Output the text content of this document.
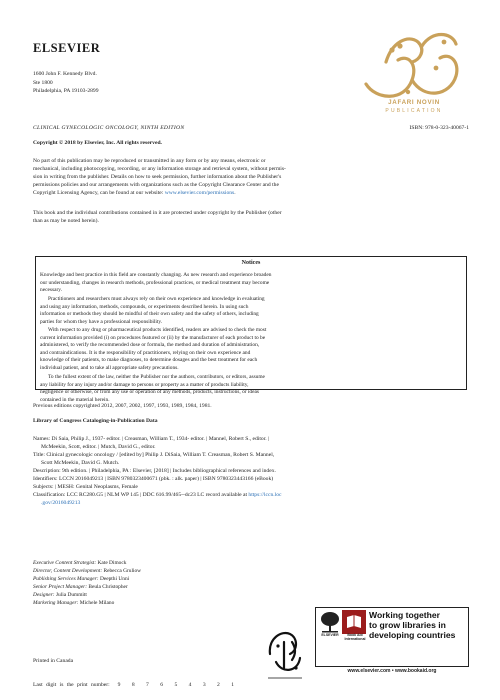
ELSEVIER
1600 John F. Kennedy Blvd.
Ste 1800
Philadelphia, PA 19103-2899
JAFARI NOVIN
PUBLICATION
CLINICAL GYNECOLOGIC ONCOLOGY, NINTH EDITION	ISBN: 978-0-323-40067-1
Copyright © 2018 by Elsevier, Inc. All rights reserved.
No part of this publication may be reproduced or transmitted in any form or by any means, electronic or
mechanical, including photocopying, recording, or any information storage and retrieval system, without permis-
sion in writing from the publisher. Details on how to seek permission, further information about the Publisher's
permissions policies and our arrangements with organizations such as the Copyright Clearance Center and the
Copyright Licensing Agency, can be found at our website: www.elsevier.com/permissions.
This book and the individual contributions contained in it are protected under copyright by the Publisher (other
than as may be noted herein).
Notices
Knowledge and best practice in this field are constantly changing. As new research and experience broaden
our understanding, changes in research methods, professional practices, or medical treatment may become
necessary.
Practitioners and researchers must always rely on their own experience and knowledge in evaluating
and using any information, methods, compounds, or experiments described herein. In using such
information or methods they should be mindful of their own safety and the safety of others, including
parties for whom they have a professional responsibility.
With respect to any drug or pharmaceutical products identified, readers are advised to check the most
current information provided (i) on procedures featured or (ii) by the manufacturer of each product to be
administered, to verify the recommended dose or formula, the method and duration of administration,
and contraindications. It is the responsibility of practitioners, relying on their own experience and
knowledge of their patients, to make diagnoses, to determine dosages and the best treatment for each
individual patient, and to take all appropriate safety precautions.
To the fullest extent of the law, neither the Publisher nor the authors, contributors, or editors, assume
any liability for any injury and/or damage to persons or property as a matter of products liability,
negligence or otherwise, or from any use or operation of any methods, products, instructions, or ideas
contained in the material herein.
Previous editions copyrighted 2012, 2007, 2002, 1997, 1993, 1989, 1984, 1981.
Library of Congress Cataloging-in-Publication Data
Names: Di Saia, Philip J., 1937- editor. | Creasman, William T., 1934- editor. | Mannel, Robert S., editor. |
McMeekin, Scott, editor. | Mutch, David G., editor.
Title: Clinical gynecologic oncology / [edited by] Philip J. DiSaia, William T. Creasman, Robert S. Mannel,
Scott McMeekin, David G. Mutch.
Description: 9th edition. | Philadelphia, PA : Elsevier, [2018] | Includes bibliographical references and index.
Identifiers: LCCN 2016049213 | ISBN 9780323400671 (pbk. : alk. paper) | ISBN 9780323443166 (eBook)
Subjects: | MESH: Genital Neoplasms, Female
Classification: LCC RC280.G5 | NLM WP 145 | DDC 616.99/465--dc23 LC record available at https://lccn.loc
.gov/2016049213
Executive Content Strategist: Kate Dimock
Director, Content Development: Rebecca Gruliow
Publishing Services Manager: Deepthi Unni
Senior Project Manager: Beula Christopher
Designer: Julia Dummitt
Marketing Manager: Michele Milano
Printed in Canada
Last digit is the print number: 9 8 7 6 5 4 3 2 1
ELSEVIER	Book Aid
International
Working together
to grow libraries in
developing countries
www.elsevier.com • www.bookaid.org
